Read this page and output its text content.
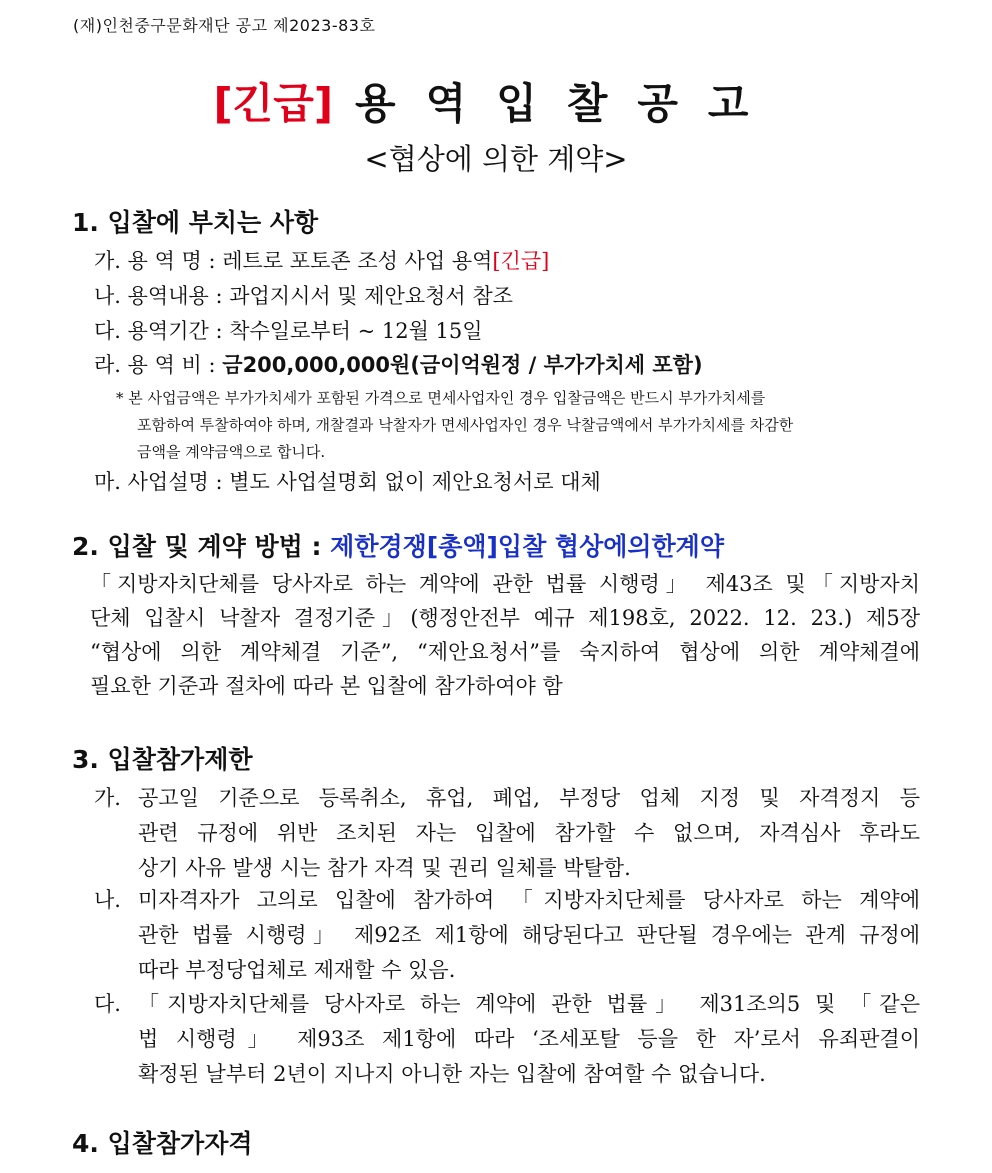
(재)인천중구문화재단 공고 제2023-83호
[긴급] 용역입찰공고
<협상에 의한 계약>
1. 입찰에 부치는 사항
가. 용 역 명 : 레트로 포토존 조성 사업 용역[긴급]
나. 용역내용 : 과업지시서 및 제안요청서 참조
다. 용역기간 : 착수일로부터 ~ 12월 15일
라. 용 역 비 : 금200,000,000원(금이억원정 / 부가가치세 포함)
* 본 사업금액은 부가가치세가 포함된 가격으로 면세사업자인 경우 입찰금액은 반드시 부가가치세를
포함하여 투찰하여야 하며, 개찰결과 낙찰자가 면세사업자인 경우 낙찰금액에서 부가가치세를 차감한
금액을 계약금액으로 합니다.
마. 사업설명 : 별도 사업설명회 없이 제안요청서로 대체
2. 입찰 및 계약 방법 : 제한경쟁[총액]입찰 협상에의한계약
「지방자치단체를 당사자로 하는 계약에 관한 법률 시행령」 제43조 및「지방자치
단체 입찰시 낙찰자 결정기준」(행정안전부 예규 제198호, 2022. 12. 23.) 제5장
“협상에 의한 계약체결 기준”, “제안요청서”를 숙지하여 협상에 의한 계약체결에
필요한 기준과 절차에 따라 본 입찰에 참가하여야 함
3. 입찰참가제한
가. 공고일 기준으로 등록취소, 휴업, 폐업, 부정당 업체 지정 및 자격정지 등
관련 규정에 위반 조치된 자는 입찰에 참가할 수 없으며, 자격심사 후라도
상기 사유 발생 시는 참가 자격 및 권리 일체를 박탈함.
나. 미자격자가 고의로 입찰에 참가하여 「지방자치단체를 당사자로 하는 계약에
관한 법률 시행령」 제92조 제1항에 해당된다고 판단될 경우에는 관계 규정에
따라 부정당업체로 제재할 수 있음.
다. 「지방자치단체를 당사자로 하는 계약에 관한 법률」 제31조의5 및 「같은
법 시행령」 제93조 제1항에 따라 ‘조세포탈 등을 한 자’로서 유죄판결이
확정된 날부터 2년이 지나지 아니한 자는 입찰에 참여할 수 없습니다.
4. 입찰참가자격
